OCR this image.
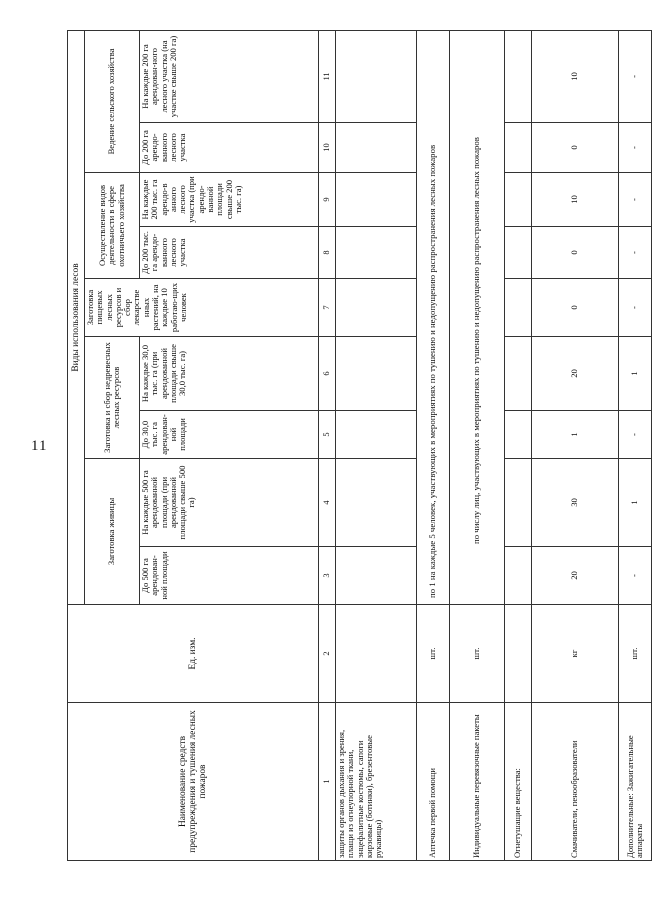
11
Наименование средств предупреждения и тушения лесных пожаров	Ед. изм.	Виды использования лесов								
		Заготовка живицы		Заготовка и сбор недревесных лесных ресурсов		Заготовка пищевых лесных ресурсов и сбор лекарстве нных растений, на каждые 10 работаю-щих человек	Осуществление видов деятельности в сфере охотничьего хозяйства		Ведение сельского хозяйства	
		До 500 га арендован-ной площади	На каждые 500 га арендованной площади (при арендованной площади свыше 500 га)	До 30,0 тыс. га арендован-ной площади	На каждые 30,0 тыс. га (при арендованной площади свыше 30,0 тыс. га)		До 200 тыс. га арендо-ванного лесного участка	На каждые 200 тыс. га арендо-в анного лесного участка (при арендо-ванной площади свыше 200 тыс. га)	До 200 га арендо-ванного лесного участка	На каждые 200 га арендован-ного лесного участка (на участке свыше 200 га)
1	2	3	4	5	6	7	8	9	10	11
защиты органов дыхания и зрения, плащи из огнеупорной ткани, энцефалитные костюмы, сапоги кирзовые (ботинки), брезентовые рукавицы)										
Аптечка первой помощи	шт.	по 1 на каждые 5 человек, участвующих в мероприятиях по тушению и недопущению распространения лесных пожаров								
Индивидуальные перевязочные пакеты	шт.	по числу лиц, участвующих в мероприятиях по тушению и недопущению распространения лесных пожаров								
Огнетушащие вещества:										
Смачиватели, пенообразователи	кг	20	30	1	20	0	0	10	0	10
Дополнительные: Зажигательные аппараты	шт.	-	1	-	1	-	-	-	-	-
